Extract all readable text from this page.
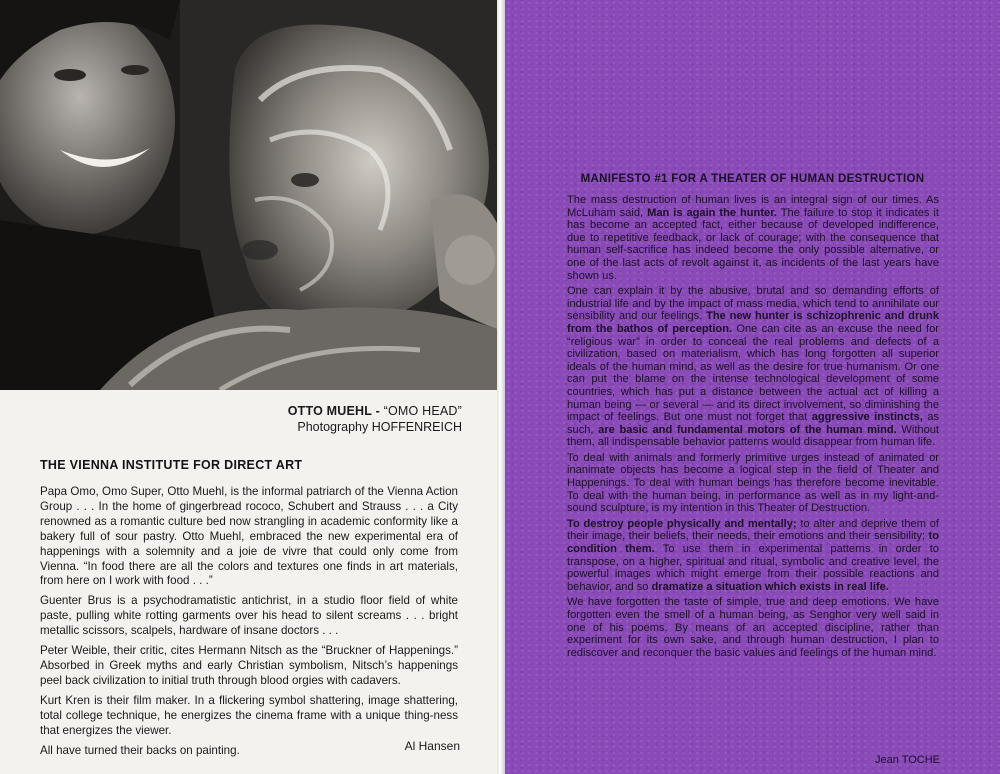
OTTO MUEHL - “OMO HEAD”
Photography HOFFENREICH
THE VIENNA INSTITUTE FOR DIRECT ART

Papa Omo, Omo Super, Otto Muehl, is the informal patriarch of the Vienna Action Group . . . In the home of gingerbread rococo, Schubert and Strauss . . . a City renowned as a romantic culture bed now strangling in academic conformity like a bakery full of sour pastry. Otto Muehl, embraced the new experimental era of happenings with a solemnity and a joie de vivre that could only come from Vienna. “In food there are all the colors and textures one finds in art materials, from here on I work with food . . .”

Guenter Brus is a psychodramatistic antichrist, in a studio floor field of white paste, pulling white rotting garments over his head to silent screams . . . bright metallic scissors, scalpels, hardware of insane doctors . . .

Peter Weible, their critic, cites Hermann Nitsch as the “Bruckner of Happenings.” Absorbed in Greek myths and early Christian symbolism, Nitsch’s happenings peel back civilization to initial truth through blood orgies with cadavers.

Kurt Kren is their film maker. In a flickering symbol shattering, image shattering, total college technique, he energizes the cinema frame with a unique thing-ness that energizes the viewer.

All have turned their backs on painting.	Al Hansen
MANIFESTO #1 FOR A THEATER OF HUMAN DESTRUCTION

The mass destruction of human lives is an integral sign of our times. As McLuham said, Man is again the hunter. The failure to stop it indicates it has become an accepted fact, either because of developed indifference, due to repetitive feedback, or lack of courage; with the consequence that human self-sacrifice has indeed become the only possible alternative, or one of the last acts of revolt against it, as incidents of the last years have shown us.

One can explain it by the abusive, brutal and so demanding efforts of industrial life and by the impact of mass media, which tend to annihilate our sensibility and our feelings. The new hunter is schizophrenic and drunk from the bathos of perception. One can cite as an excuse the need for “religious war” in order to conceal the real problems and defects of a civilization, based on materialism, which has long forgotten all superior ideals of the human mind, as well as the desire for true humanism. Or one can put the blame on the intense technological development of some countries, which has put a distance between the actual act of killing a human being — or several — and its direct involvement, so diminishing the impact of feelings. But one must not forget that aggressive instincts, as such, are basic and fundamental motors of the human mind. Without them, all indispensable behavior patterns would disappear from human life.

To deal with animals and formerly primitive urges instead of animated or inanimate objects has become a logical step in the field of Theater and Happenings. To deal with human beings has therefore become inevitable. To deal with the human being, in performance as well as in my light-and-sound sculpture, is my intention in this Theater of Destruction.

To destroy people physically and mentally; to alter and deprive them of their image, their beliefs, their needs, their emotions and their sensibility; to condition them. To use them in experimental patterns in order to transpose, on a higher, spiritual and ritual, symbolic and creative level, the powerful images which might emerge from their possible reactions and behavior, and so dramatize a situation which exists in real life.

We have forgotten the taste of simple, true and deep emotions. We have forgotten even the smell of a human being, as Senghor very well said in one of his poems. By means of an accepted discipline, rather than experiment for its own sake, and through human destruction, I plan to rediscover and reconquer the basic values and feelings of the human mind.

Jean TOCHE
